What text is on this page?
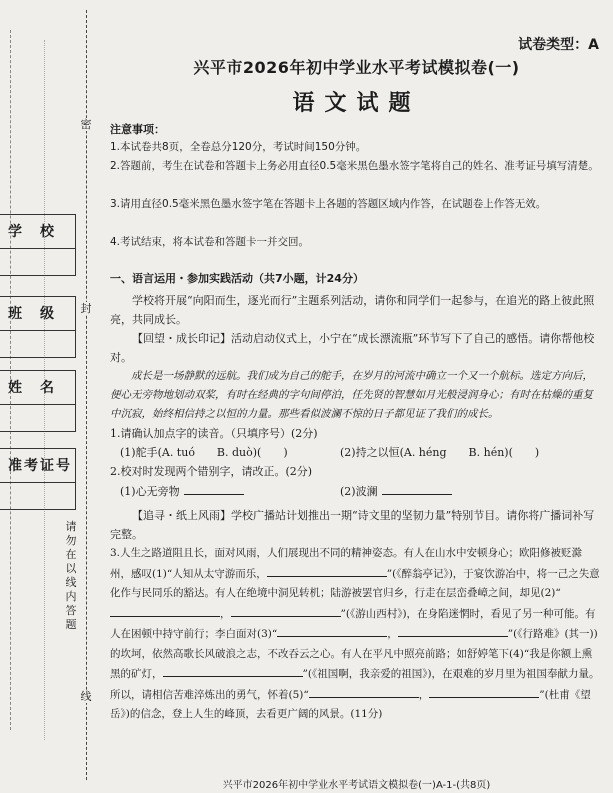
密
封
线
请勿在以线内答题
学　校
班　级
姓　名
准考证号
试卷类型：A
兴平市2026年初中学业水平考试模拟卷(一)
语文试题
注意事项：
1.本试卷共8页，全卷总分120分，考试时间150分钟。
2.答题前，考生在试卷和答题卡上务必用直径0.5毫米黑色墨水签字笔将自己的姓名、准考证号填写清楚。
3.请用直径0.5毫米黑色墨水签字笔在答题卡上各题的答题区域内作答，在试题卷上作答无效。
4.考试结束，将本试卷和答题卡一并交回。
一、语言运用・参加实践活动（共7小题，计24分）
学校将开展“向阳而生，逐光而行”主题系列活动，请你和同学们一起参与，在追光的路上彼此照亮，共同成长。
【回望・成长印记】活动启动仪式上，小宁在“成长漂流瓶”环节写下了自己的感悟。请你帮他校对。
成长是一场静默的远航。我们成为自己的舵手，在岁月的河流中确立一个又一个航标。选定方向后，便心无旁物地划动双桨，有时在经典的字句间停泊，任先贤的智慧如月光般浸润身心；有时在枯燥的重复中沉寂，始终相信持之以恒的力量。那些看似波澜不惊的日子都见证了我们的成长。
1.请确认加点字的读音。（只填序号）(2分)
(1)舵手(A. tuó　　B. duò)(　　)	(2)持之以恒(A. héng　　B. hén)(　　)
2.校对时发现两个错别字，请改正。(2分)
(1)心无旁物	(2)波澜
【追寻・纸上风雨】学校广播站计划推出一期“诗文里的坚韧力量”特别节目。请你将广播词补写完整。
3.人生之路道阻且长，面对风雨，人们展现出不同的精神姿态。有人在山水中安顿身心；欧阳修被贬滁州，感叹(1)“人知从太守游而乐，	”(《醉翁亭记》)，于宴饮游冶中，将一己之失意化作与民同乐的豁达。有人在绝境中洞见转机；陆游被罢官归乡，行走在层峦叠嶂之间，却见(2)“，	”(《游山西村》)，在身陷迷惘时，看见了另一种可能。有人在困顿中持守前行；李白面对(3)“	，	”(《行路难》(其一))的坎坷，依然高歌长风破浪之志，不改吞云之心。有人在平凡中照亮前路；如舒婷笔下(4)“我是你额上熏黑的矿灯，	”(《祖国啊，我亲爱的祖国》)，在艰难的岁月里为祖国奉献力量。所以，请相信苦难淬炼出的勇气，怀着(5)“	，	”(杜甫《望岳》)的信念，登上人生的峰顶，去看更广阔的风景。(11分)
兴平市2026年初中学业水平考试语文模拟卷(一)A-1-(共8页)
